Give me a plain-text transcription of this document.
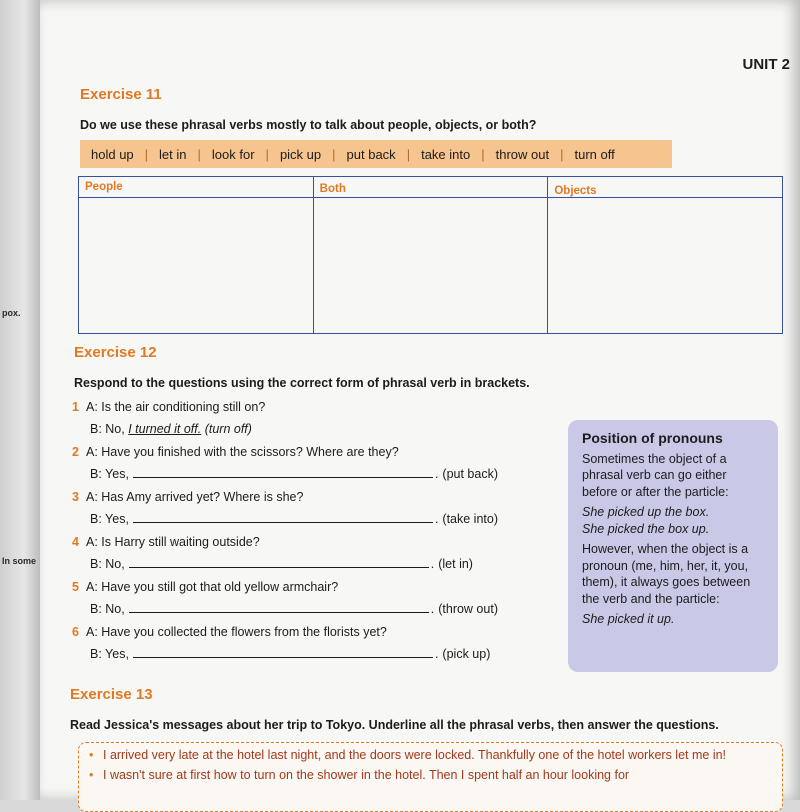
pox.
In some
UNIT 2
Exercise 11
Do we use these phrasal verbs mostly to talk about people, objects, or both?
hold up | let in | look for | pick up | put back | take into | throw out | turn off
People	Both	Objects
Exercise 12
Respond to the questions using the correct form of phrasal verb in brackets.
1 A: Is the air conditioning still on?
B: No,
I turned it off.
(turn off)
2 A: Have you finished with the scissors? Where are they?
B: Yes,	. (put back)
3 A: Has Amy arrived yet? Where is she?
B: Yes,	. (take into)
4 A: Is Harry still waiting outside?
B: No,	. (let in)
5 A: Have you still got that old yellow armchair?
B: No,	. (throw out)
6 A: Have you collected the flowers from the florists yet?
B: Yes,	. (pick up)
Position of pronouns

Sometimes the object of a phrasal verb can go either before or after the particle:

She picked up the box.

She picked the box up.

However, when the object is a pronoun (me, him, her, it, you, them), it always goes between the verb and the particle:

She picked it up.

Exercise 13
Read Jessica's messages about her trip to Tokyo. Underline all the phrasal verbs, then answer the questions.
• I arrived very late at the hotel last night, and the doors were locked. Thankfully one of the hotel workers let me in!
• I wasn't sure at first how to turn on the shower in the hotel. Then I spent half an hour looking for
